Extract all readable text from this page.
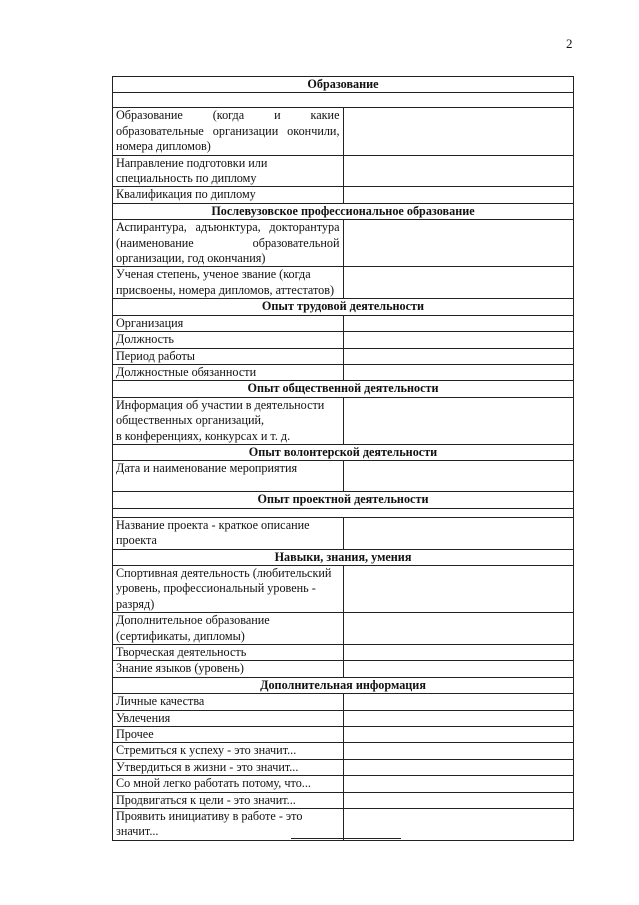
2
Образование	

Образование (когда и какие образовательные организации окончили, номера дипломов)	
Направление подготовки или специальность по диплому	
Квалификация по диплому	
Послевузовское профессиональное образование	
Аспирантура, адъюнктура, докторантура (наименование образовательной организации, год окончания)	
Ученая степень, ученое звание (когда присвоены, номера дипломов, аттестатов)	
Опыт трудовой деятельности	
Организация	
Должность	
Период работы	
Должностные обязанности	
Опыт общественной деятельности	

Информация об участии в деятельности общественных организаций,
в конференциях, конкурсах и т. д.	

Опыт волонтерской деятельности	
Дата и наименование мероприятия	
Опыт проектной деятельности	

Название проекта - краткое описание проекта	
Навыки, знания, умения	
Спортивная деятельность (любительский уровень, профессиональный уровень - разряд)	
Дополнительное образование (сертификаты, дипломы)	
Творческая деятельность	
Знание языков (уровень)	
Дополнительная информация	
Личные качества	
Увлечения	
Прочее	
Стремиться к успеху - это значит...	
Утвердиться в жизни - это значит...	
Со мной легко работать потому, что...	
Продвигаться к цели - это значит...	
Проявить инициативу в работе - это значит...	
